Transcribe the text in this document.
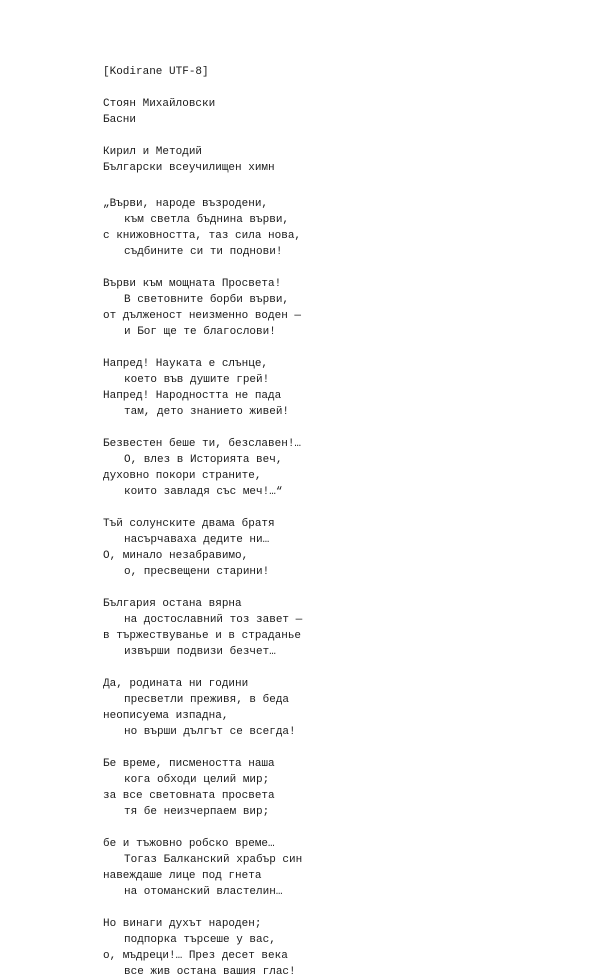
[Kodirane UTF-8]
Стоян Михайловски
Басни
Кирил и Методий
Български всеучилищен химн
„Върви, народе възродени,
към светла бъднина върви,
с книжовността, таз сила нова,
съдбините си ти поднови!
Върви към мощната Просвета!
В световните борби върви,
от дълженост неизменно воден —
и Бог ще те благослови!
Напред! Науката е слънце,
което във душите грей!
Напред! Народността не пада
там, дето знанието живей!
Безвестен беше ти, безславен!…
О, влез в Историята веч,
духовно покори страните,
които завладя със меч!…“
Тъй солунските двама братя
насърчаваха дедите ни…
О, минало незабравимо,
о, пресвещени старини!
България остана вярна
на достославний тоз завет —
в тържествуванье и в страданье
извърши подвизи безчет…
Да, родината ни години
пресветли преживя, в беда
неописуема изпадна,
но върши дългът се всегда!
Бе време, писмеността наша
кога обходи целий мир;
за все световната просвета
тя бе неизчерпаем вир;
бе и тъжовно робско време…
Тогаз Балканский храбър син
навеждаше лице под гнета
на отоманский властелин…
Но винаги духът народен;
подпорка търсеше у вас,
о, мъдреци!… През десет века
все жив остана вашия глас!
